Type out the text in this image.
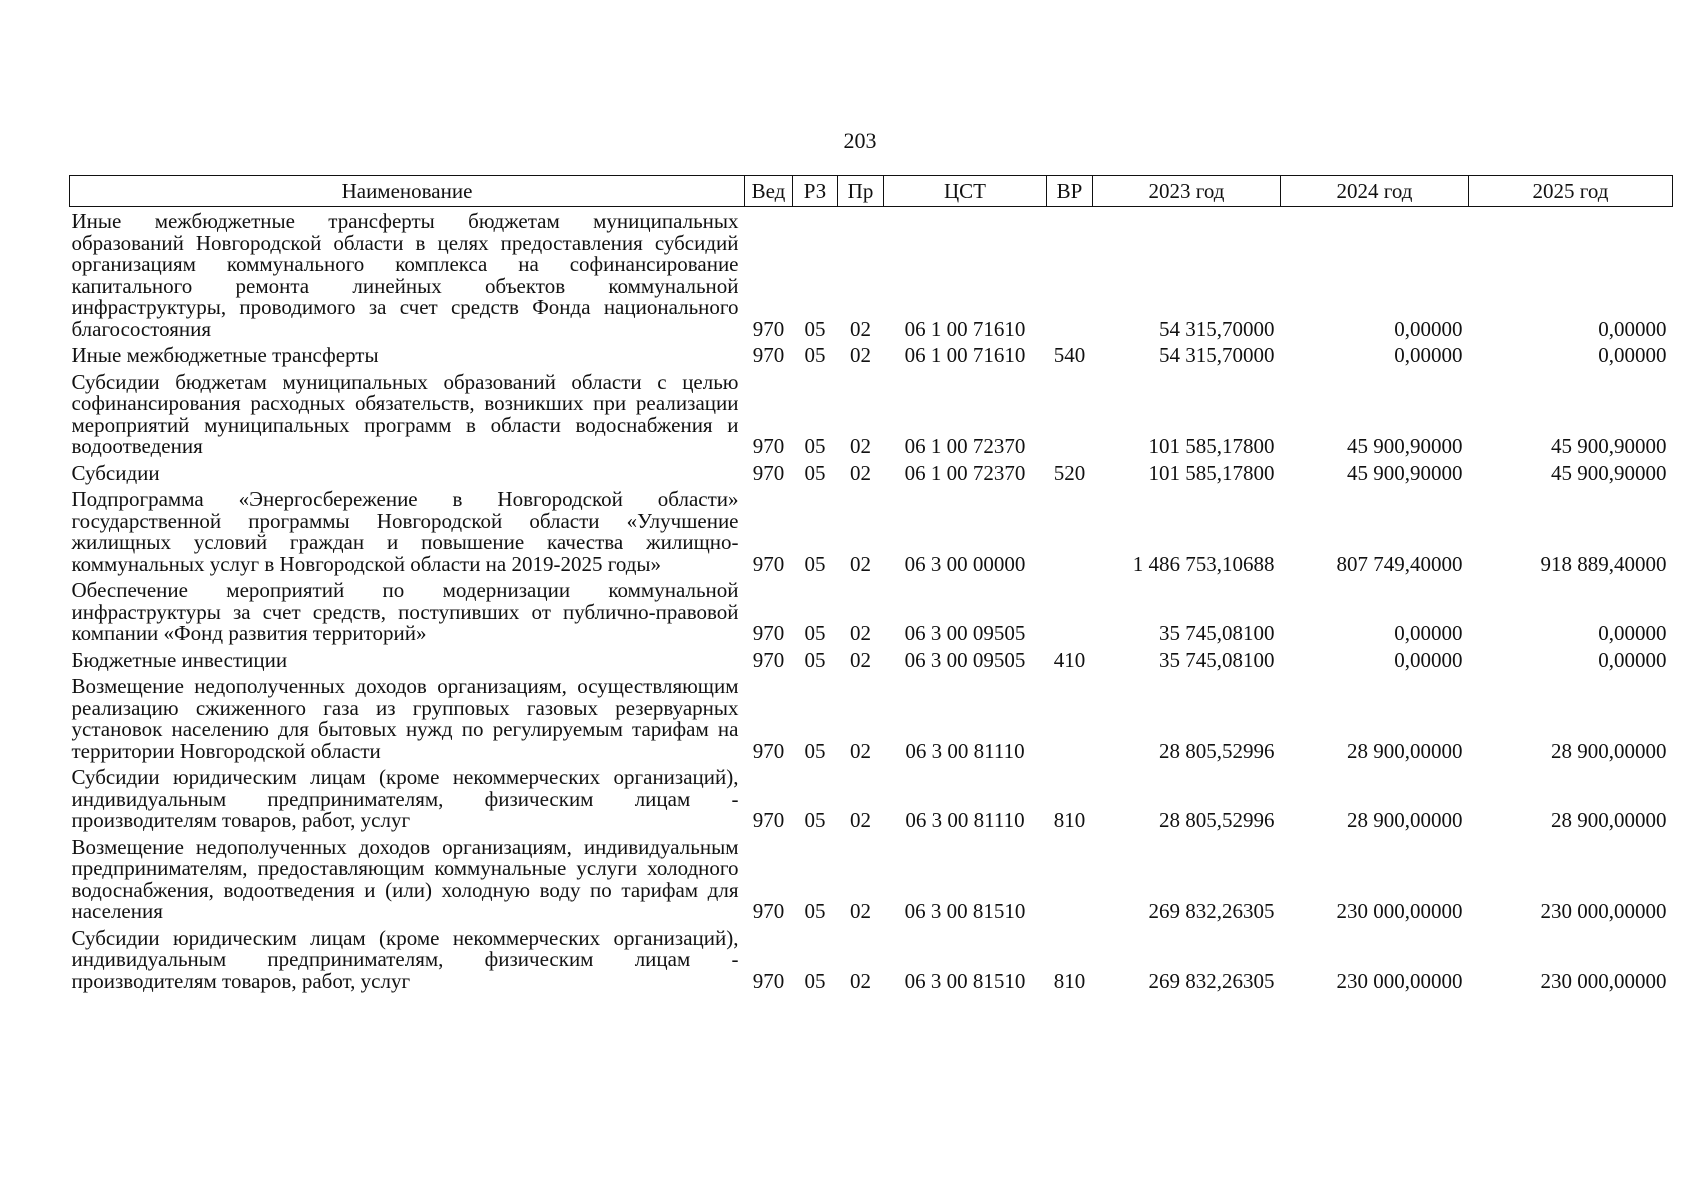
203
Наименование	Вед	РЗ	Пр	ЦСТ	ВР	2023 год	2024 год	2025 год
Иные межбюджетные трансферты бюджетам муниципальных образований Новгородской области в целях предоставления субсидий организациям коммунального комплекса на софинансирование капитального ремонта линейных объектов коммунальной инфраструктуры, проводимого за счет средств Фонда национального благосостояния	970	05	02	06 1 00 71610		54 315,70000	0,00000	0,00000
Иные межбюджетные трансферты	970	05	02	06 1 00 71610	540	54 315,70000	0,00000	0,00000
Субсидии бюджетам муниципальных образований области с целью софинансирования расходных обязательств, возникших при реализации мероприятий муниципальных программ в области водоснабжения и водоотведения	970	05	02	06 1 00 72370		101 585,17800	45 900,90000	45 900,90000
Субсидии	970	05	02	06 1 00 72370	520	101 585,17800	45 900,90000	45 900,90000
Подпрограмма «Энергосбережение в Новгородской области» государственной программы Новгородской области «Улучшение жилищных условий граждан и повышение качества жилищно-коммунальных услуг в Новгородской области на 2019-2025 годы»	970	05	02	06 3 00 00000		1 486 753,10688	807 749,40000	918 889,40000
Обеспечение мероприятий по модернизации коммунальной инфраструктуры за счет средств, поступивших от публично-правовой компании «Фонд развития территорий»	970	05	02	06 3 00 09505		35 745,08100	0,00000	0,00000
Бюджетные инвестиции	970	05	02	06 3 00 09505	410	35 745,08100	0,00000	0,00000
Возмещение недополученных доходов организациям, осуществляющим реализацию сжиженного газа из групповых газовых резервуарных установок населению для бытовых нужд по регулируемым тарифам на территории Новгородской области	970	05	02	06 3 00 81110		28 805,52996	28 900,00000	28 900,00000
Субсидии юридическим лицам (кроме некоммерческих организаций), индивидуальным предпринимателям, физическим лицам - производителям товаров, работ, услуг	970	05	02	06 3 00 81110	810	28 805,52996	28 900,00000	28 900,00000
Возмещение недополученных доходов организациям, индивидуальным предпринимателям, предоставляющим коммунальные услуги холодного водоснабжения, водоотведения и (или) холодную воду по тарифам для населения	970	05	02	06 3 00 81510		269 832,26305	230 000,00000	230 000,00000
Субсидии юридическим лицам (кроме некоммерческих организаций), индивидуальным предпринимателям, физическим лицам - производителям товаров, работ, услуг	970	05	02	06 3 00 81510	810	269 832,26305	230 000,00000	230 000,00000
